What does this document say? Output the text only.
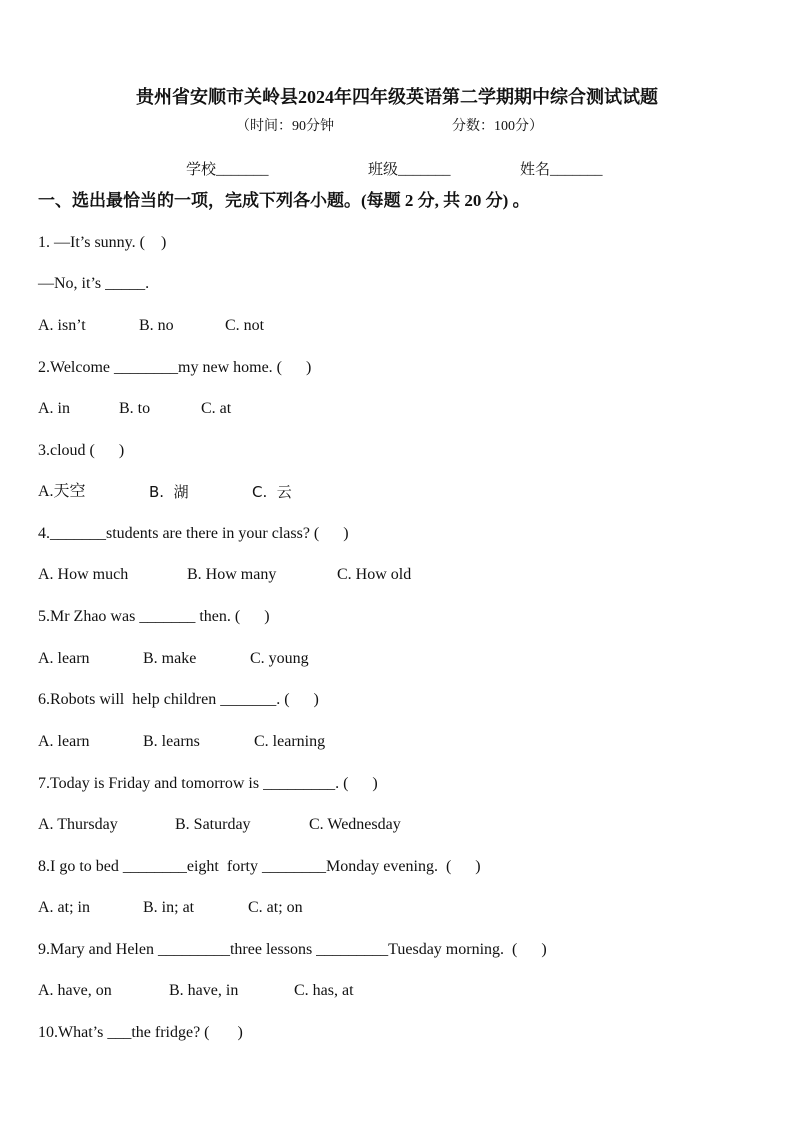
贵州省安顺市关岭县2024年四年级英语第二学期期中综合测试试题
（时间：90分钟	分数：100分）
学校_______	班级_______	姓名_______
一、选出最恰当的一项，完成下列各小题。(每题 2 分, 共 20 分) 。
1. —It’s sunny. (    )
—No, it’s _____.
A. isn’t	B. no	C. not
2.Welcome ________my new home. (      )
A. in	B. to	C. at
3.cloud (      )
A.天空	B.  湖	C.  云
4._______students are there in your class? (      )
A. How much	B. How many	C. How old
5.Mr Zhao was _______ then. (      )
A. learn	B. make	C. young
6.Robots will  help children _______. (      )
A. learn	B. learns	C. learning
7.Today is Friday and tomorrow is _________. (      )
A. Thursday	B. Saturday	C. Wednesday
8.I go to bed ________eight  forty ________Monday evening.  (      )
A. at; in	B. in; at	C. at; on
9.Mary and Helen _________three lessons _________Tuesday morning.  (      )
A. have, on	B. have, in	C. has, at
10.What’s ___the fridge? (       )
